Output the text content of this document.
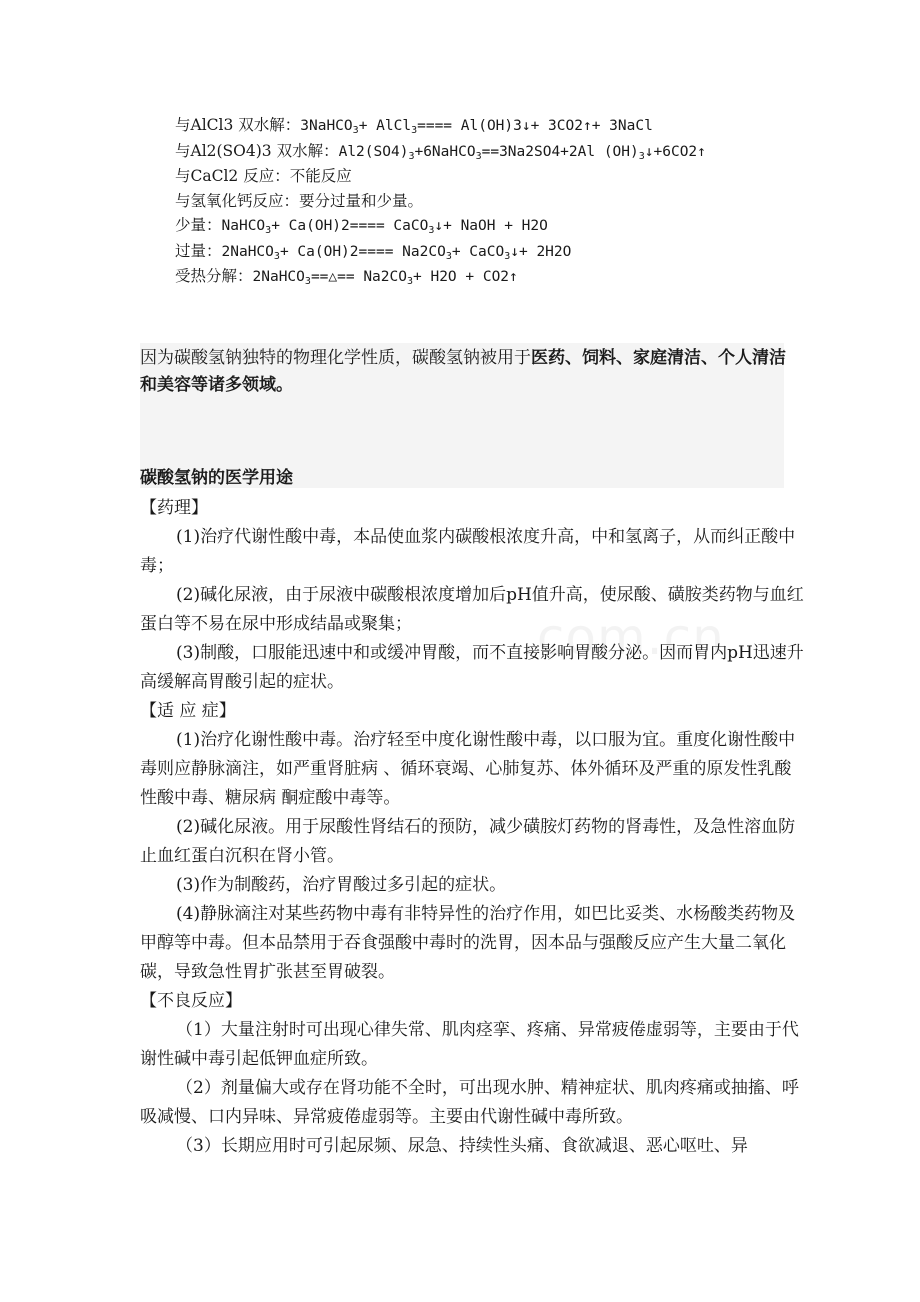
与AlCl3 双水解：3NaHCO$_3$+ AlCl$_3$==== Al(OH)3↓+ 3CO2↑+ 3NaCl
与Al2(SO4)3 双水解：$Al2(SO4)_3+6NaHCO_3==3Na2SO4+2Al$ $(OH)_3↓+6CO2↑$
与CaCl2 反应：不能反应
与氢氧化钙反应：要分过量和少量。
少量：NaHCO$_3$+ Ca(OH)2==== CaCO$_3$↓+ NaOH + H2O
过量：2NaHCO$_3$+ $Ca(OH)2==== Na2CO_3+$ CaCO$_3$↓+ 2H2O
受热分解：2NaHCO$_3$==△== $Na2CO_3+ H2O$ + CO2↑
因为碳酸氢钠独特的物理化学性质，碳酸氢钠被用于医药、饲料、家庭清洁、个人清洁和美容等诸多领域。
碳酸氢钠的医学用途

【药理】

(1)治疗代谢性酸中毒，本品使血浆内碳酸根浓度升高，中和氢离子，从而纠正酸中毒；

(2)碱化尿液，由于尿液中碳酸根浓度增加后pH值升高，使尿酸、磺胺类药物与血红蛋白等不易在尿中形成结晶或聚集；

(3)制酸，口服能迅速中和或缓冲胃酸，而不直接影响胃酸分泌。因而胃内pH迅速升高缓解高胃酸引起的症状。

【适 应 症】

(1)治疗化谢性酸中毒。治疗轻至中度化谢性酸中毒，以口服为宜。重度化谢性酸中毒则应静脉滴注，如严重肾脏病 、循环衰竭、心肺复苏、体外循环及严重的原发性乳酸性酸中毒、糖尿病 酮症酸中毒等。

(2)碱化尿液。用于尿酸性肾结石的预防，减少磺胺灯药物的肾毒性，及急性溶血防止血红蛋白沉积在肾小管。

(3)作为制酸药，治疗胃酸过多引起的症状。

(4)静脉滴注对某些药物中毒有非特异性的治疗作用，如巴比妥类、水杨酸类药物及甲醇等中毒。但本品禁用于吞食强酸中毒时的洗胃，因本品与强酸反应产生大量二氧化碳，导致急性胃扩张甚至胃破裂。

【不良反应】

（1）大量注射时可出现心律失常、肌肉痉挛、疼痛、异常疲倦虚弱等，主要由于代谢性碱中毒引起低钾血症所致。

（2）剂量偏大或存在肾功能不全时，可出现水肿、精神症状、肌肉疼痛或抽搐、呼吸减慢、口内异味、异常疲倦虚弱等。主要由代谢性碱中毒所致。

（3）长期应用时可引起尿频、尿急、持续性头痛、食欲减退、恶心呕吐、异
